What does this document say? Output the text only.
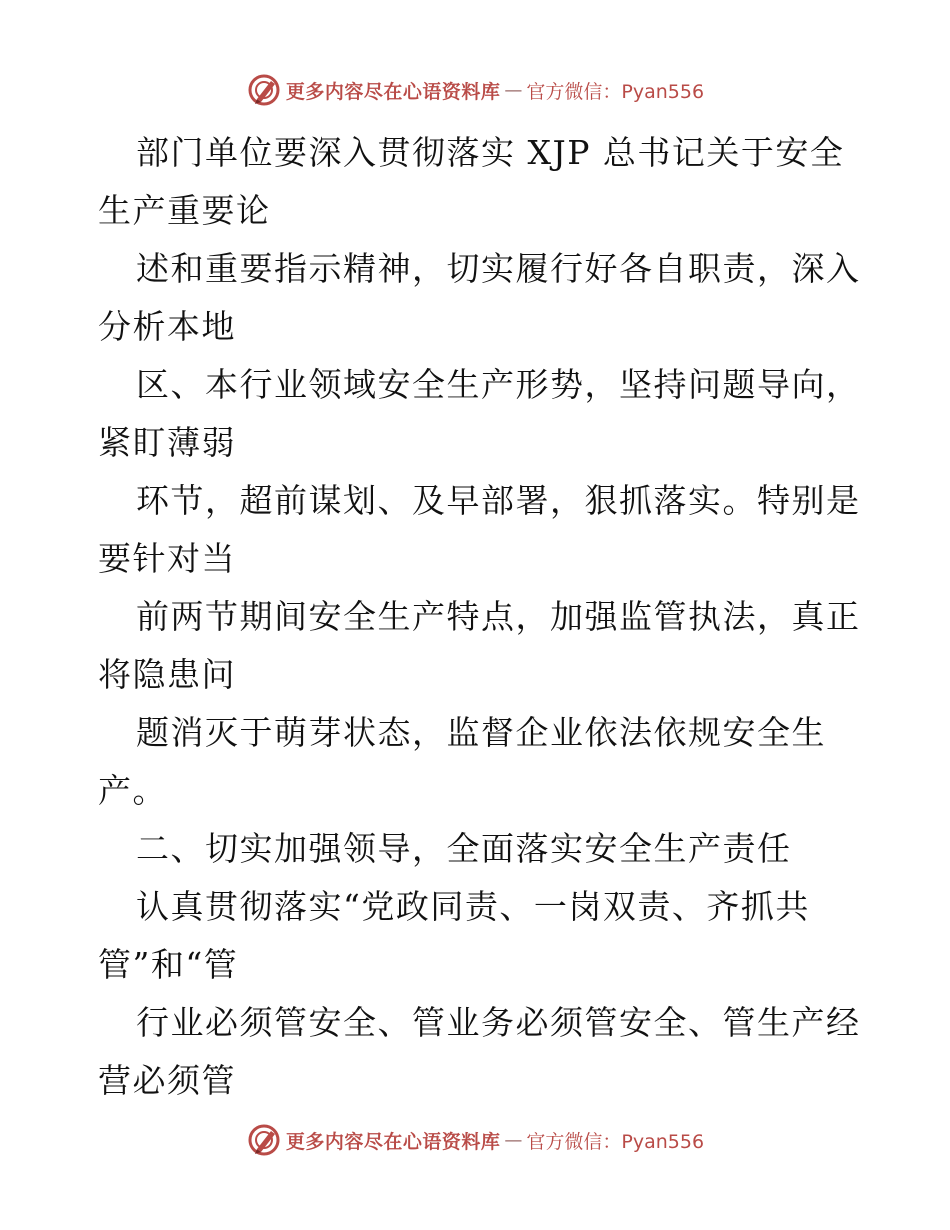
更多内容尽在心语资料库 — 官方微信：Pyan556
部门单位要深入贯彻落实 XJP 总书记关于安全
生产重要论
述和重要指示精神，切实履行好各自职责，深入
分析本地
区、本行业领域安全生产形势，坚持问题导向，
紧盯薄弱
环节，超前谋划、及早部署，狠抓落实。特别是
要针对当
前两节期间安全生产特点，加强监管执法，真正
将隐患问
题消灭于萌芽状态，监督企业依法依规安全生
产。
二、切实加强领导，全面落实安全生产责任
认真贯彻落实“党政同责、一岗双责、齐抓共
管”和“管
行业必须管安全、管业务必须管安全、管生产经
营必须管
更多内容尽在心语资料库 — 官方微信：Pyan556
